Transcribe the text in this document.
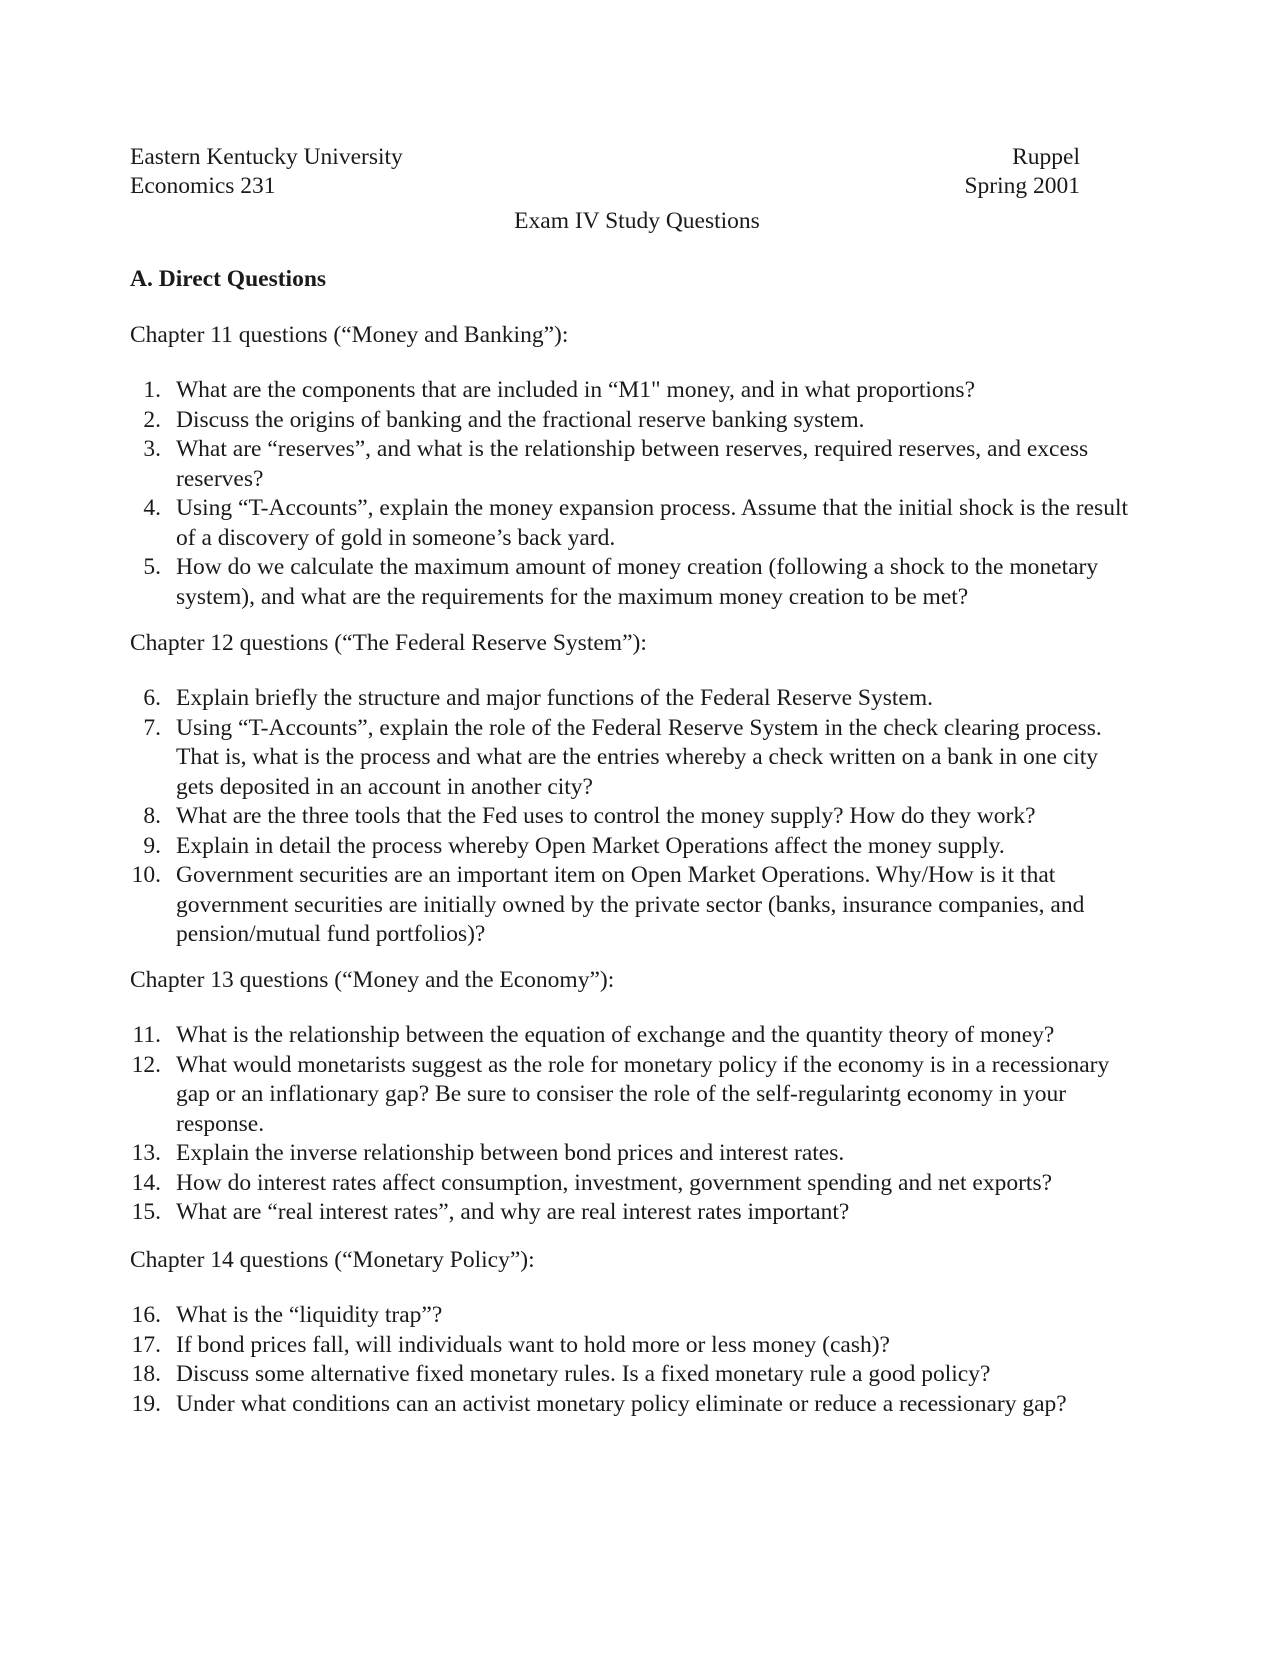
Eastern Kentucky University
Economics 231
Ruppel
Spring 2001
Exam IV Study Questions
A. Direct Questions
Chapter 11 questions (“Money and Banking”):
1. What are the components that are included in “M1" money, and in what proportions?
2. Discuss the origins of banking and the fractional reserve banking system.
3. What are “reserves”, and what is the relationship between reserves, required reserves, and excess reserves?
4. Using “T-Accounts”, explain the money expansion process. Assume that the initial shock is the result of a discovery of gold in someone’s back yard.
5. How do we calculate the maximum amount of money creation (following a shock to the monetary system), and what are the requirements for the maximum money creation to be met?
Chapter 12 questions (“The Federal Reserve System”):
6. Explain briefly the structure and major functions of the Federal Reserve System.
7. Using “T-Accounts”, explain the role of the Federal Reserve System in the check clearing process. That is, what is the process and what are the entries whereby a check written on a bank in one city gets deposited in an account in another city?
8. What are the three tools that the Fed uses to control the money supply? How do they work?
9. Explain in detail the process whereby Open Market Operations affect the money supply.
10. Government securities are an important item on Open Market Operations. Why/How is it that government securities are initially owned by the private sector (banks, insurance companies, and pension/mutual fund portfolios)?
Chapter 13 questions (“Money and the Economy”):
11. What is the relationship between the equation of exchange and the quantity theory of money?
12. What would monetarists suggest as the role for monetary policy if the economy is in a recessionary gap or an inflationary gap? Be sure to consiser the role of the self-regularintg economy in your response.
13. Explain the inverse relationship between bond prices and interest rates.
14. How do interest rates affect consumption, investment, government spending and net exports?
15. What are “real interest rates”, and why are real interest rates important?
Chapter 14 questions (“Monetary Policy”):
16. What is the “liquidity trap”?
17. If bond prices fall, will individuals want to hold more or less money (cash)?
18. Discuss some alternative fixed monetary rules. Is a fixed monetary rule a good policy?
19. Under what conditions can an activist monetary policy eliminate or reduce a recessionary gap?
